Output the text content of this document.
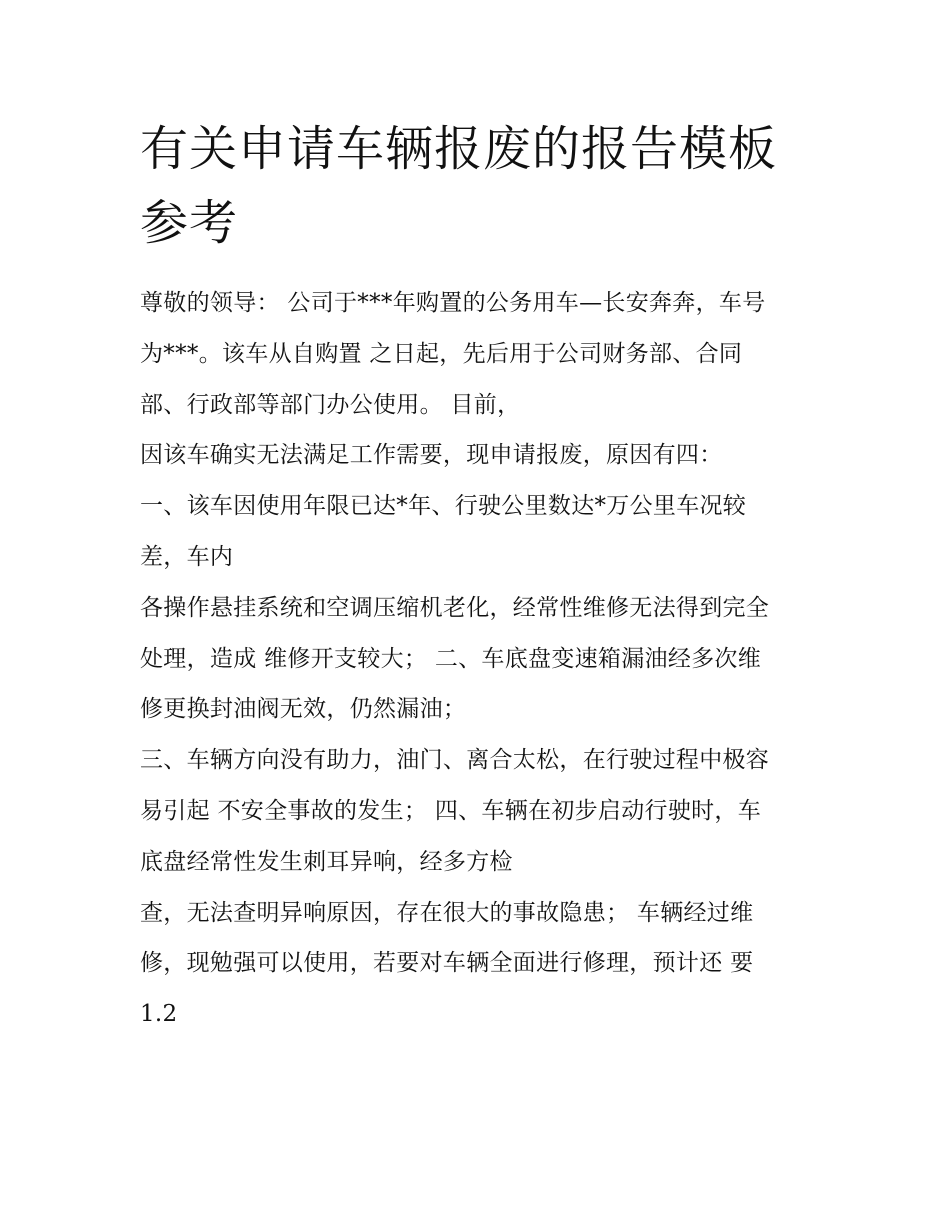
有关申请车辆报废的报告模板
参考
尊敬的领导： 公司于***年购置的公务用车—长安奔奔，车号
为***。该车从自购置 之日起，先后用于公司财务部、合同
部、行政部等部门办公使用。 目前，
因该车确实无法满足工作需要，现申请报废，原因有四：
一、该车因使用年限已达*年、行驶公里数达*万公里车况较
差，车内
各操作悬挂系统和空调压缩机老化，经常性维修无法得到完全
处理，造成 维修开支较大； 二、车底盘变速箱漏油经多次维
修更换封油阀无效，仍然漏油；
三、车辆方向没有助力，油门、离合太松，在行驶过程中极容
易引起 不安全事故的发生； 四、车辆在初步启动行驶时，车
底盘经常性发生刺耳异响，经多方检
查，无法查明异响原因，存在很大的事故隐患； 车辆经过维
修，现勉强可以使用，若要对车辆全面进行修理，预计还 要
1.2
